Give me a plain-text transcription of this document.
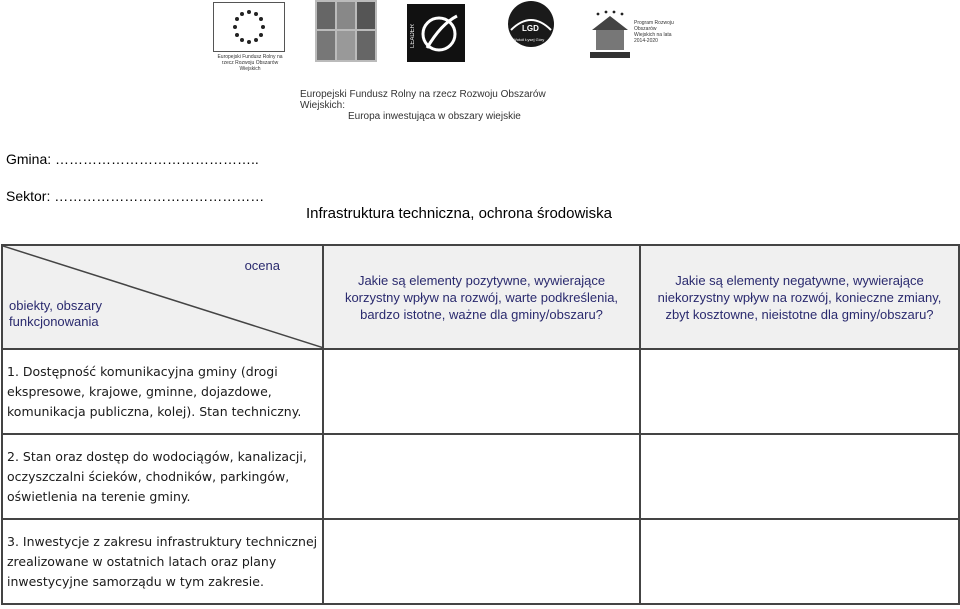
Europejski Fundusz Rolny na rzecz Rozwoju Obszarów Wiejskich
LEADER	LGD
Wokół Łysej Góry
Program Rozwoju Obszarów Wiejskich na lata 2014-2020
Europejski Fundusz Rolny na rzecz Rozwoju Obszarów Wiejskich:
Europa inwestująca w obszary wiejskie
Gmina: ……………………………………..
Sektor: ………………………………………
Infrastruktura techniczna, ochrona środowiska
ocena
obiekty, obszary funkcjonowania	Jakie są elementy pozytywne, wywierające korzystny wpływ na rozwój, warte podkreślenia, bardzo istotne, ważne dla gminy/obszaru?	Jakie są elementy negatywne, wywierające niekorzystny wpływ na rozwój, konieczne zmiany, zbyt kosztowne, nieistotne dla gminy/obszaru?

1. Dostępność komunikacyjna gminy (drogi ekspresowe, krajowe, gminne, dojazdowe, komunikacja publiczna, kolej). Stan techniczny.		

2. Stan oraz dostęp do wodociągów, kanalizacji, oczyszczalni ścieków, chodników, parkingów, oświetlenia na terenie gminy.		

3. Inwestycje z zakresu infrastruktury technicznej zrealizowane w ostatnich latach oraz plany inwestycyjne samorządu w tym zakresie.		
